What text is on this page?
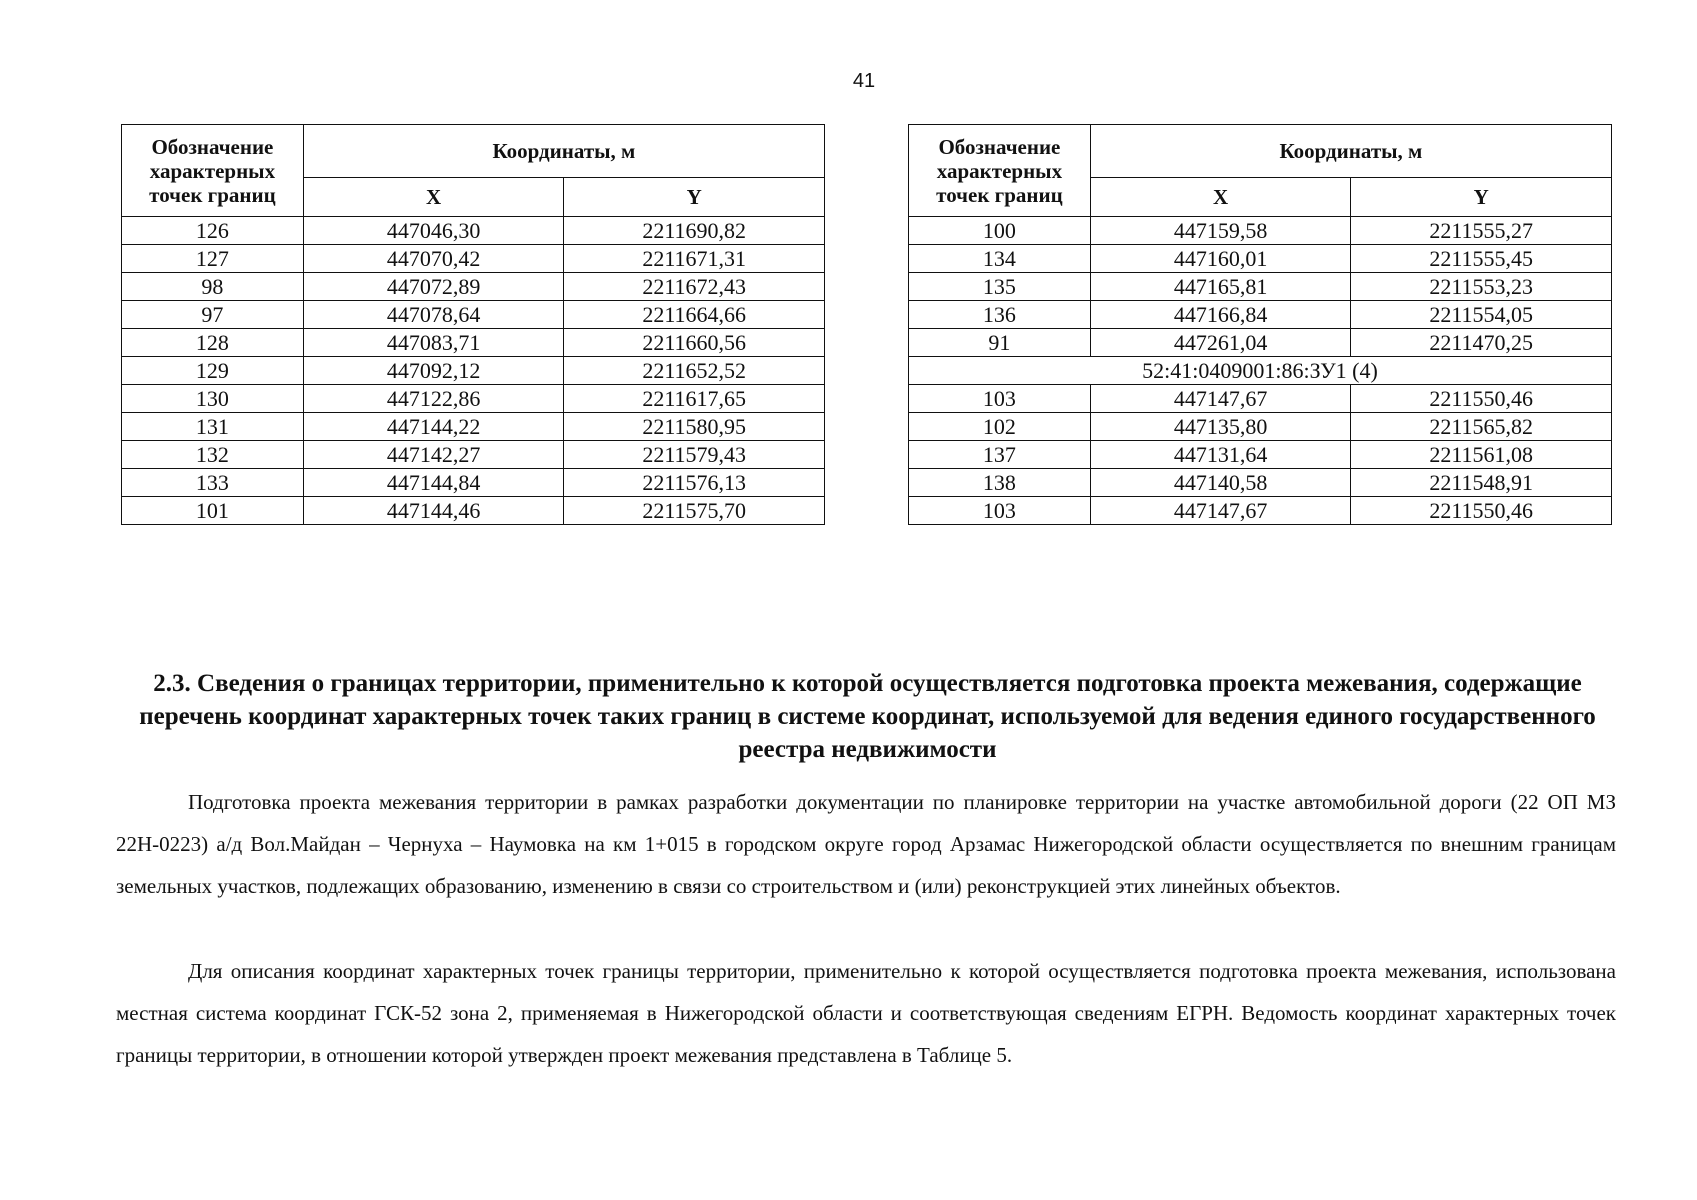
41
Обозначение характерных точек границ	Координаты, м	
	X	Y
126	447046,30	2211690,82
127	447070,42	2211671,31
98	447072,89	2211672,43
97	447078,64	2211664,66
128	447083,71	2211660,56
129	447092,12	2211652,52
130	447122,86	2211617,65
131	447144,22	2211580,95
132	447142,27	2211579,43
133	447144,84	2211576,13
101	447144,46	2211575,70
Обозначение характерных точек границ	Координаты, м	
	X	Y
100	447159,58	2211555,27
134	447160,01	2211555,45
135	447165,81	2211553,23
136	447166,84	2211554,05
91	447261,04	2211470,25
52:41:0409001:86:ЗУ1 (4)		
103	447147,67	2211550,46
102	447135,80	2211565,82
137	447131,64	2211561,08
138	447140,58	2211548,91
103	447147,67	2211550,46
2.3. Сведения о границах территории, применительно к которой осуществляется подготовка проекта межевания, содержащие перечень координат характерных точек таких границ в системе координат, используемой для ведения единого государственного реестра недвижимости

Подготовка проекта межевания территории в рамках разработки документации по планировке территории на участке автомобильной дороги (22 ОП МЗ 22Н-0223) а/д Вол.Майдан – Чернуха – Наумовка на км 1+015 в городском округе город Арзамас Нижегородской области осуществляется по внешним границам земельных участков, подлежащих образованию, изменению в связи со строительством и (или) реконструкцией этих линейных объектов.

Для описания координат характерных точек границы территории, применительно к которой осуществляется подготовка проекта межевания, использована местная система координат ГСК-52 зона 2, применяемая в Нижегородской области и соответствующая сведениям ЕГРН. Ведомость координат характерных точек границы территории, в отношении которой утвержден проект межевания представлена в Таблице 5.
